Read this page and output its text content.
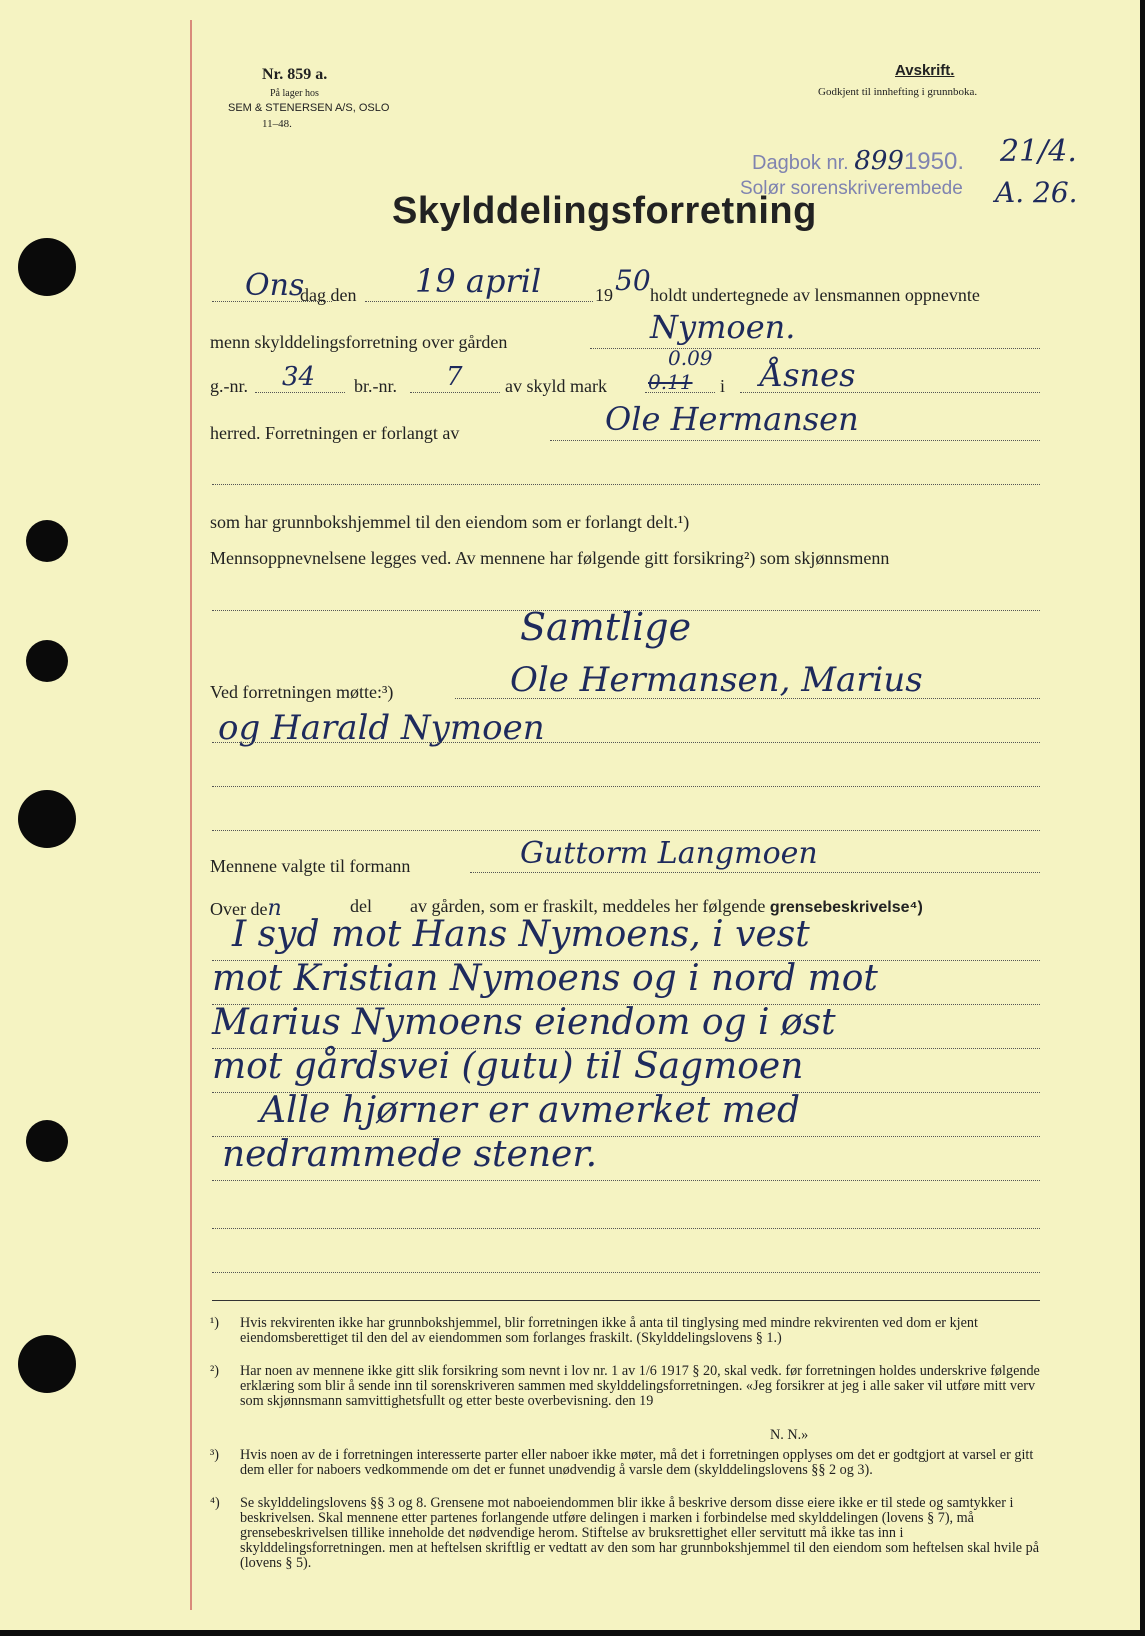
Nr. 859 a.
På lager hos
SEM & STENERSEN A/S, OSLO
11–48.
Avskrift.
Godkjent til innhefting i grunnboka.
Dagbok nr. 8991950. 21/4.
Solør sorenskriverembede A. 26.
Skylddelingsforretning
Ons
dag den 19 april	19 50 holdt undertegnede av lensmannen oppnevnte
menn skylddelingsforretning over gården	Nymoen.
g.-nr. 34 br.-nr. 7 av skyld mark 0.11
0.09
i Åsnes
herred. Forretningen er forlangt av	Ole Hermansen
som har grunnbokshjemmel til den eiendom som er forlangt delt.¹)
Mennsoppnevnelsene legges ved. Av mennene har følgende gitt forsikring²) som skjønnsmenn
Samtlige
Ved forretningen møtte:³)	Ole Hermansen, Marius
og Harald Nymoen
Mennene valgte til formann	Guttorm Langmoen
Over den	del av gården, som er fraskilt, meddeles her følgende grensebeskrivelse⁴)
I syd mot Hans Nymoens, i vest
mot Kristian Nymoens og i nord mot
Marius Nymoens eiendom og i øst
mot gårdsvei (gutu) til Sagmoen
Alle hjørner er avmerket med
nedrammede stener.
¹) Hvis rekvirenten ikke har grunnbokshjemmel, blir forretningen ikke å anta til tinglysing med mindre rekvirenten ved dom er kjent eiendomsberettiget til den del av eiendommen som forlanges fraskilt. (Skylddelingslovens § 1.)
²) Har noen av mennene ikke gitt slik forsikring som nevnt i lov nr. 1 av 1/6 1917 § 20, skal vedk. før forretningen holdes underskrive følgende erklæring som blir å sende inn til sorenskriveren sammen med skylddelingsforretningen. «Jeg forsikrer at jeg i alle saker vil utføre mitt verv som skjønnsmann samvittighetsfullt og etter beste overbevisning. den 19
N. N.»
³) Hvis noen av de i forretningen interesserte parter eller naboer ikke møter, må det i forretningen opplyses om det er godtgjort at varsel er gitt dem eller for naboers vedkommende om det er funnet unødvendig å varsle dem (skylddelingslovens §§ 2 og 3).
⁴) Se skylddelingslovens §§ 3 og 8. Grensene mot naboeiendommen blir ikke å beskrive dersom disse eiere ikke er til stede og samtykker i beskrivelsen. Skal mennene etter partenes forlangende utføre delingen i marken i forbindelse med skylddelingen (lovens § 7), må grensebeskrivelsen tillike inneholde det nødvendige herom. Stiftelse av bruksrettighet eller servitutt må ikke tas inn i skylddelingsforretningen. men at heftelsen skriftlig er vedtatt av den som har grunnbokshjemmel til den eiendom som heftelsen skal hvile på (lovens § 5).
